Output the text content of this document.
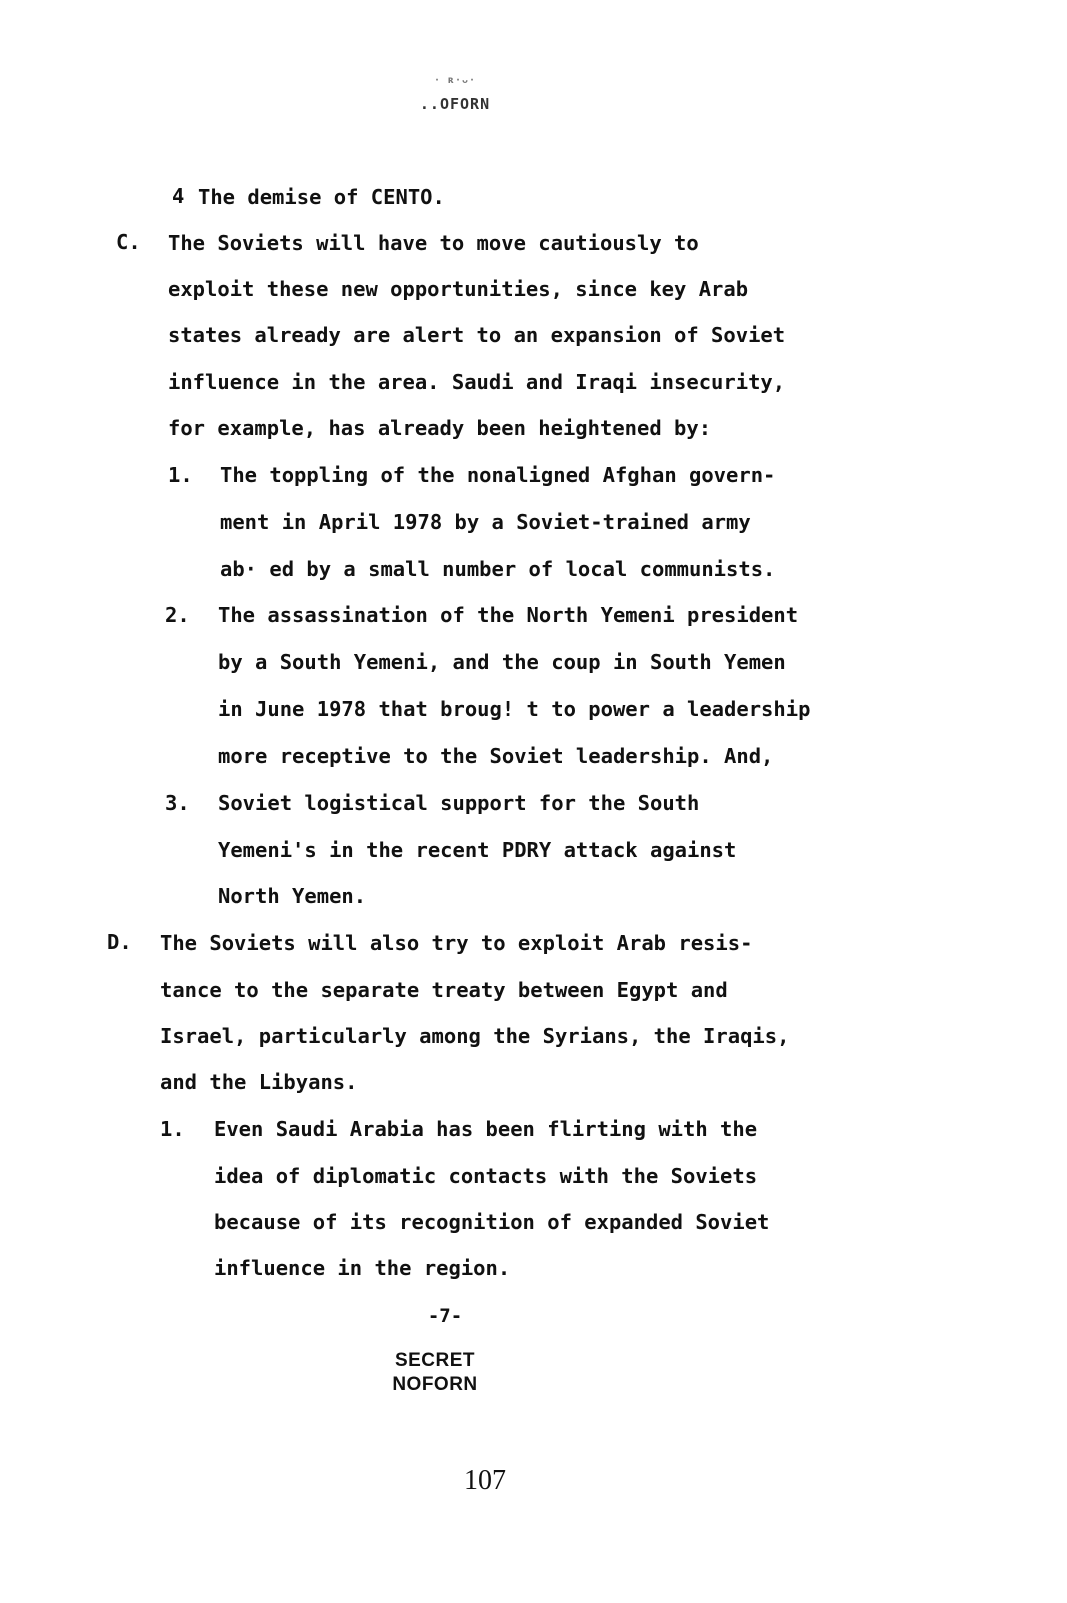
· ʀ·ᴗ·
..OFORN
4 The demise of CENTO.
C. The Soviets will have to move cautiously to
exploit these new opportunities, since key Arab
states already are alert to an expansion of Soviet
influence in the area. Saudi and Iraqi insecurity,
for example, has already been heightened by:
1. The toppling of the nonaligned Afghan govern-
ment in April 1978 by a Soviet-trained army
ab· ed by a small number of local communists.
2. The assassination of the North Yemeni president
by a South Yemeni, and the coup in South Yemen
in June 1978 that broug! t to power a leadership
more receptive to the Soviet leadership. And,
3. Soviet logistical support for the South
Yemeni's in the recent PDRY attack against
North Yemen.
D. The Soviets will also try to exploit Arab resis-
tance to the separate treaty between Egypt and
Israel, particularly among the Syrians, the Iraqis,
and the Libyans.
1. Even Saudi Arabia has been flirting with the
idea of diplomatic contacts with the Soviets
because of its recognition of expanded Soviet
influence in the region.
-7-
SECRET
NOFORN
107
